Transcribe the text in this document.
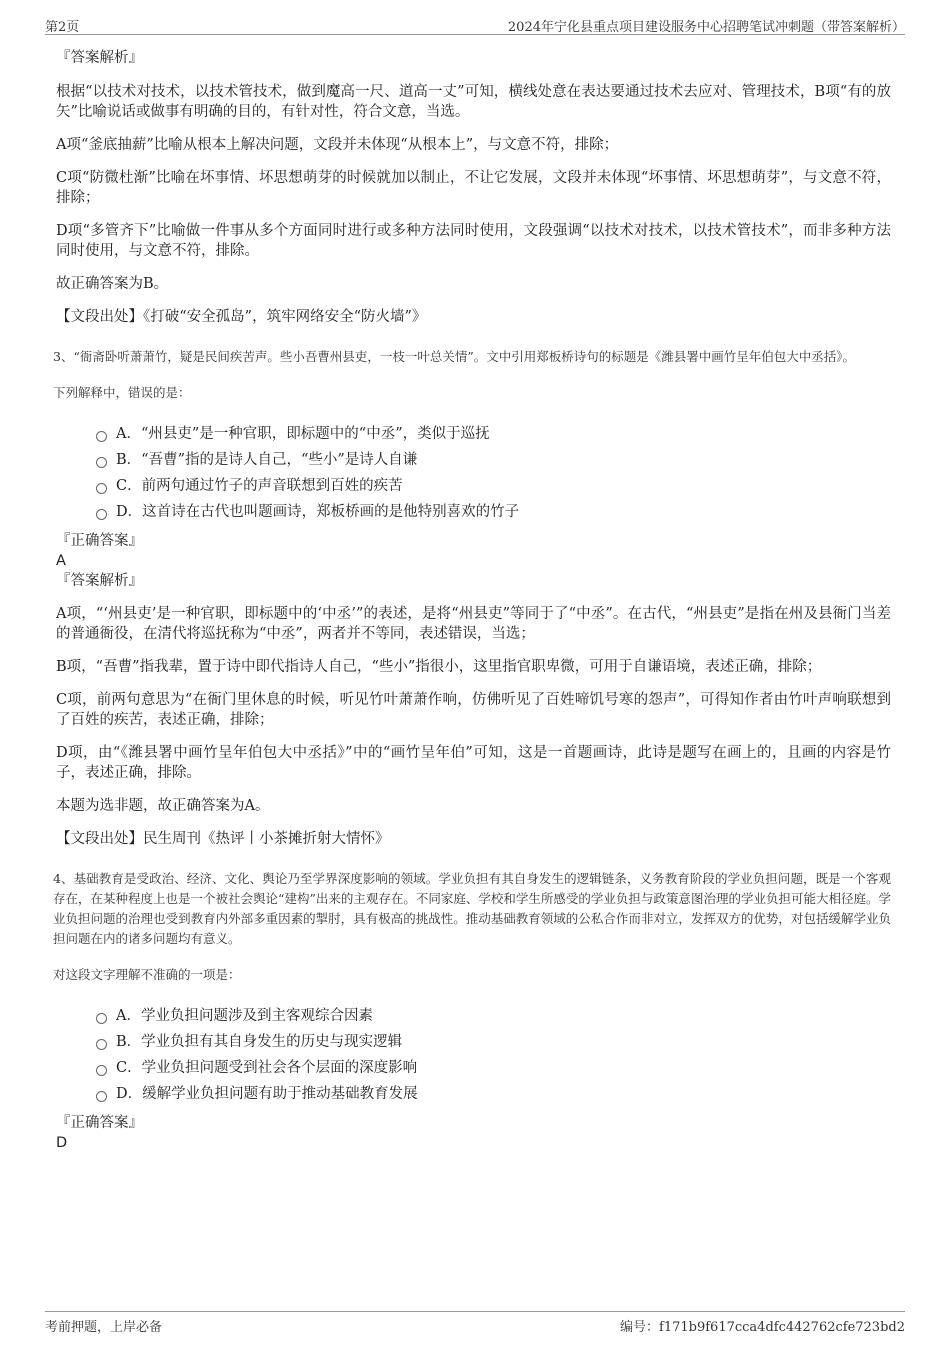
第2页	2024年宁化县重点项目建设服务中心招聘笔试冲刺题（带答案解析）

『答案解析』

根据“以技术对技术，以技术管技术，做到魔高一尺、道高一丈”可知，横线处意在表达要通过技术去应对、管理技术，B项“有的放矢”比喻说话或做事有明确的目的，有针对性，符合文意，当选。

A项“釜底抽薪”比喻从根本上解决问题，文段并未体现“从根本上”，与文意不符，排除；

C项“防微杜渐”比喻在坏事情、坏思想萌芽的时候就加以制止，不让它发展，文段并未体现“坏事情、坏思想萌芽”，与文意不符，排除；

D项“多管齐下”比喻做一件事从多个方面同时进行或多种方法同时使用，文段强调“以技术对技术，以技术管技术”，而非多种方法同时使用，与文意不符，排除。

故正确答案为B。

【文段出处】《打破“安全孤岛”，筑牢网络安全“防火墙”》

3、“衙斋卧听萧萧竹，疑是民间疾苦声。些小吾曹州县吏，一枝一叶总关情”。文中引用郑板桥诗句的标题是《潍县署中画竹呈年伯包大中丞括》。

下列解释中，错误的是：

A．“州县吏”是一种官职，即标题中的“中丞”，类似于巡抚
B．“吾曹”指的是诗人自己，“些小”是诗人自谦
C．前两句通过竹子的声音联想到百姓的疾苦
D．这首诗在古代也叫题画诗，郑板桥画的是他特别喜欢的竹子

『正确答案』

A

『答案解析』

A项，“‘州县吏’是一种官职，即标题中的‘中丞’”的表述，是将“州县吏”等同于了“中丞”。在古代，“州县吏”是指在州及县衙门当差的普通衙役，在清代将巡抚称为“中丞”，两者并不等同，表述错误，当选；

B项，“吾曹”指我辈，置于诗中即代指诗人自己，“些小”指很小，这里指官职卑微，可用于自谦语境，表述正确，排除；

C项，前两句意思为“在衙门里休息的时候，听见竹叶萧萧作响，仿佛听见了百姓啼饥号寒的怨声”，可得知作者由竹叶声响联想到了百姓的疾苦，表述正确，排除；

D项，由“《潍县署中画竹呈年伯包大中丞括》”中的“画竹呈年伯”可知，这是一首题画诗，此诗是题写在画上的，且画的内容是竹子，表述正确，排除。

本题为选非题，故正确答案为A。

【文段出处】民生周刊《热评丨小茶摊折射大情怀》

4、基础教育是受政治、经济、文化、舆论乃至学界深度影响的领域。学业负担有其自身发生的逻辑链条，义务教育阶段的学业负担问题，既是一个客观存在，在某种程度上也是一个被社会舆论“建构”出来的主观存在。不同家庭、学校和学生所感受的学业负担与政策意图治理的学业负担可能大相径庭。学业负担问题的治理也受到教育内外部多重因素的掣肘，具有极高的挑战性。推动基础教育领域的公私合作而非对立，发挥双方的优势，对包括缓解学业负担问题在内的诸多问题均有意义。

对这段文字理解不准确的一项是：

A．学业负担问题涉及到主客观综合因素
B．学业负担有其自身发生的历史与现实逻辑
C．学业负担问题受到社会各个层面的深度影响
D．缓解学业负担问题有助于推动基础教育发展

『正确答案』

D

考前押题，上岸必备	编号：f171b9f617cca4dfc442762cfe723bd2
